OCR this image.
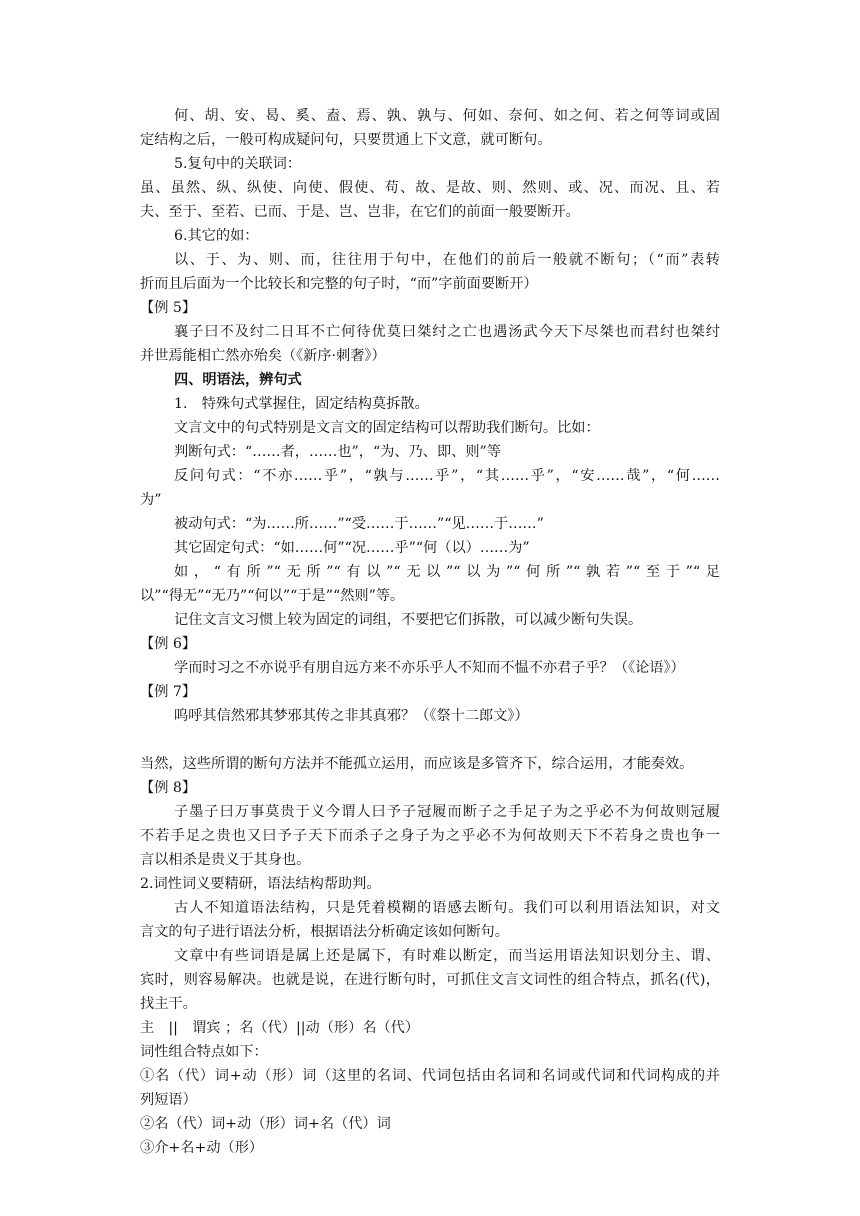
何、胡、安、曷、奚、盍、焉、孰、孰与、何如、奈何、如之何、若之何等词或固
定结构之后，一般可构成疑问句，只要贯通上下文意，就可断句。
5.复句中的关联词：
虽、虽然、纵、纵使、向使、假使、苟、故、是故、则、然则、或、况、而况、且、若
夫、至于、至若、已而、于是、岂、岂非，在它们的前面一般要断开。
6.其它的如：
以、于、为、则、而，往往用于句中，在他们的前后一般就不断句；（“而”表转
折而且后面为一个比较长和完整的句子时，“而”字前面要断开）
【例 5】
襄子曰不及纣二日耳不亡何待优莫曰桀纣之亡也遇汤武今天下尽桀也而君纣也桀纣
并世焉能相亡然亦殆矣（《新序·刺奢》）
四、明语法，辨句式
1.　特殊句式掌握住，固定结构莫拆散。
文言文中的句式特别是文言文的固定结构可以帮助我们断句。比如：
判断句式：“……者，……也”，“为、乃、即、则”等
反问句式：“不亦……乎”，“孰与……乎”，“其……乎”，“安……哉”，“何……
为”
被动句式：“为……所……”“受……于……”“见……于……”
其它固定句式：“如……何”“况……乎”“何（以）……为”
如，“有所”“无所”“有以”“无以”“以为”“何所”“孰若”“至于”“足
以”“得无”“无乃”“何以”“于是”“然则”等。
记住文言文习惯上较为固定的词组，不要把它们拆散，可以减少断句失误。
【例 6】
学而时习之不亦说乎有朋自远方来不亦乐乎人不知而不愠不亦君子乎？（《论语》）
【例 7】
呜呼其信然邪其梦邪其传之非其真邪？（《祭十二郎文》）
当然，这些所谓的断句方法并不能孤立运用，而应该是多管齐下，综合运用，才能奏效。
【例 8】
子墨子曰万事莫贵于义今谓人曰予子冠履而断子之手足子为之乎必不为何故则冠履
不若手足之贵也又曰予子天下而杀子之身子为之乎必不为何故则天下不若身之贵也争一
言以相杀是贵义于其身也。
2.词性词义要精研，语法结构帮助判。
古人不知道语法结构，只是凭着模糊的语感去断句。我们可以利用语法知识，对文
言文的句子进行语法分析，根据语法分析确定该如何断句。
文章中有些词语是属上还是属下，有时难以断定，而当运用语法知识划分主、谓、
宾时，则容易解决。也就是说，在进行断句时，可抓住文言文词性的组合特点，抓名(代)，
找主干。
主　||　谓宾 ；名（代）||动（形）名（代）
词性组合特点如下：
①名（代）词+动（形）词（这里的名词、代词包括由名词和名词或代词和代词构成的并
列短语）
②名（代）词+动（形）词+名（代）词
③介+名+动（形）
